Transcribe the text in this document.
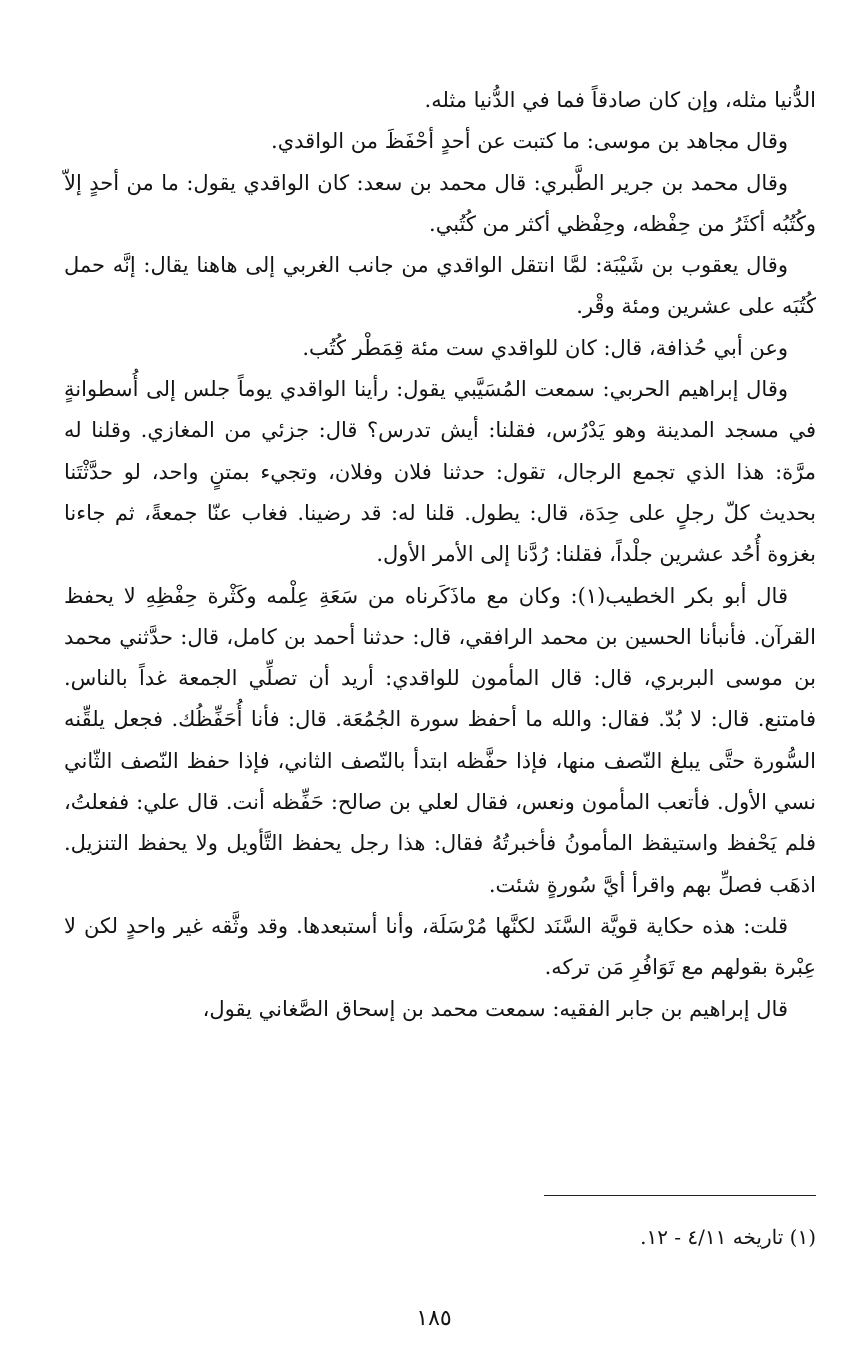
الدُّنيا مثله، وإن كان صادقاً فما في الدُّنيا مثله.

وقال مجاهد بن موسى: ما كتبت عن أحدٍ أحْفَظَ من الواقدي.

وقال محمد بن جرير الطَّبري: قال محمد بن سعد: كان الواقدي يقول: ما من أحدٍ إلاّ وكُتُبُه أكثَرُ من حِفْظه، وحِفْظي أكثر من كُتُبي.

وقال يعقوب بن شَيْبَة: لمَّا انتقل الواقدي من جانب الغربي إلى هاهنا يقال: إنَّه حمل كُتُبَه على عشرين ومئة وقْر.

وعن أبي حُذافة، قال: كان للواقدي ست مئة قِمَطْر كُتُب.

وقال إبراهيم الحربي: سمعت المُسَيَّبي يقول: رأينا الواقدي يوماً جلس إلى أُسطوانةٍ في مسجد المدينة وهو يَدْرُس، فقلنا: أيش تدرس؟ قال: جزئي من المغازي. وقلنا له مرَّة: هذا الذي تجمع الرجال، تقول: حدثنا فلان وفلان، وتجيء بمتنٍ واحد، لو حدَّثْتَنا بحديث كلّ رجلٍ على حِدَة، قال: يطول. قلنا له: قد رضينا. فغاب عنّا جمعةً، ثم جاءنا بغزوة أُحُد عشرين جلْداً، فقلنا: رُدَّنا إلى الأمر الأول.

قال أبو بكر الخطيب(١): وكان مع ماذَكَرناه من سَعَةِ عِلْمه وكَثْرة حِفْظِهِ لا يحفظ القرآن. فأنبأنا الحسين بن محمد الرافقي، قال: حدثنا أحمد بن كامل، قال: حدَّثني محمد بن موسى البربري، قال: قال المأمون للواقدي: أريد أن تصلِّي الجمعة غداً بالناس. فامتنع. قال: لا بُدّ. فقال: والله ما أحفظ سورة الجُمُعَة. قال: فأنا أُحَفِّظُك. فجعل يلقِّنه السُّورة حتَّى يبلغ النّصف منها، فإذا حفَّظه ابتدأ بالنّصف الثاني، فإذا حفظ النّصف الثّاني نسي الأول. فأتعب المأمون ونعس، فقال لعلي بن صالح: حَفِّظه أنت. قال علي: ففعلتُ، فلم يَحْفظ واستيقظ المأمونُ فأخبرتُهُ فقال: هذا رجل يحفظ التَّأويل ولا يحفظ التنزيل. اذهَب فصلِّ بهم واقرأ أيَّ سُورةٍ شئت.

قلت: هذه حكاية قويَّة السَّنَد لكنَّها مُرْسَلَة، وأنا أستبعدها. وقد وثَّقه غير واحدٍ لكن لا عِبْرة بقولهم مع تَوَافُرِ مَن تركه.

قال إبراهيم بن جابر الفقيه: سمعت محمد بن إسحاق الصَّغاني يقول،

(١) تاريخه ٤/١١ - ١٢.
١٨٥
